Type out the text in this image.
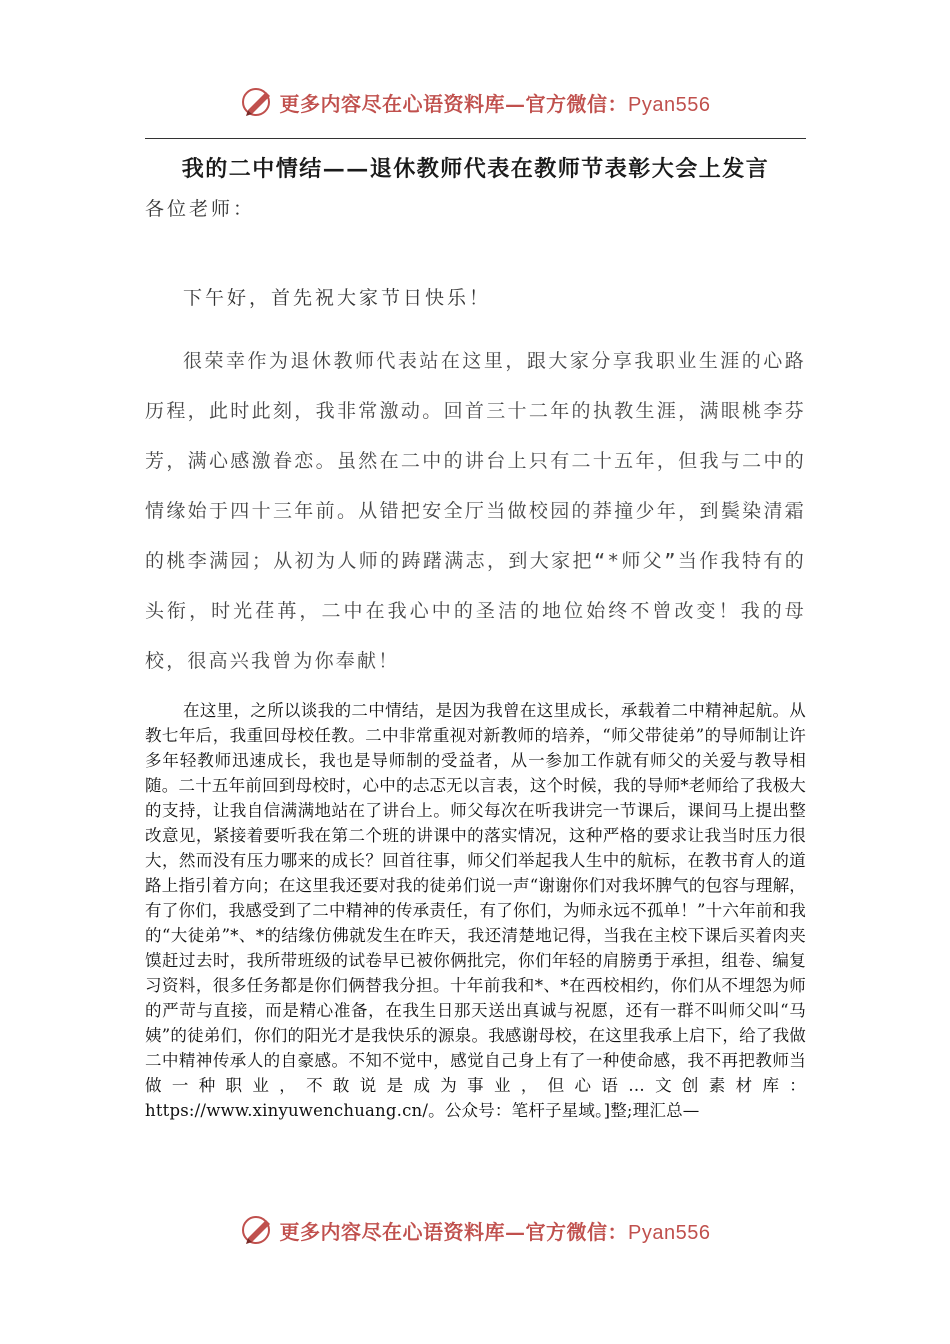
更多内容尽在心语资料库—官方微信：Pyan556
我的二中情结——退休教师代表在教师节表彰大会上发言
各位老师：
下午好，首先祝大家节日快乐！

很荣幸作为退休教师代表站在这里，跟大家分享我职业生涯的心路历程，此时此刻，我非常激动。回首三十二年的执教生涯，满眼桃李芬芳，满心感激眷恋。虽然在二中的讲台上只有二十五年，但我与二中的情缘始于四十三年前。从错把安全厅当做校园的莽撞少年，到鬓染清霜的桃李满园；从初为人师的踌躇满志，到大家把“*师父”当作我特有的头衔，时光荏苒，二中在我心中的圣洁的地位始终不曾改变！我的母校，很高兴我曾为你奉献！

在这里，之所以谈我的二中情结，是因为我曾在这里成长，承载着二中精神起航。从教七年后，我重回母校任教。二中非常重视对新教师的培养，“师父带徒弟”的导师制让许多年轻教师迅速成长，我也是导师制的受益者，从一参加工作就有师父的关爱与教导相随。二十五年前回到母校时，心中的忐忑无以言表，这个时候，我的导师*老师给了我极大的支持，让我自信满满地站在了讲台上。师父每次在听我讲完一节课后，课间马上提出整改意见，紧接着要听我在第二个班的讲课中的落实情况，这种严格的要求让我当时压力很大，然而没有压力哪来的成长？回首往事，师父们举起我人生中的航标，在教书育人的道路上指引着方向；在这里我还要对我的徒弟们说一声“谢谢你们对我坏脾气的包容与理解，有了你们，我感受到了二中精神的传承责任，有了你们，为师永远不孤单！”十六年前和我的“大徒弟”*、*的结缘仿佛就发生在昨天，我还清楚地记得，当我在主校下课后买着肉夹馍赶过去时，我所带班级的试卷早已被你俩批完，你们年轻的肩膀勇于承担，组卷、编复习资料，很多任务都是你们俩替我分担。十年前我和*、*在西校相约，你们从不埋怨为师的严苛与直接，而是精心准备，在我生日那天送出真诚与祝愿，还有一群不叫师父叫“马姨”的徒弟们，你们的阳光才是我快乐的源泉。我感谢母校，在这里我承上启下，给了我做二中精神传承人的自豪感。不知不觉中，感觉自己身上有了一种使命感，我不再把教师当做一种职业，不敢说是成为事业，但心语…文创素材库：https://www.xinyuwenchuang.cn/。公众号：笔杆子星域。]整;理汇总—

更多内容尽在心语资料库—官方微信：Pyan556
